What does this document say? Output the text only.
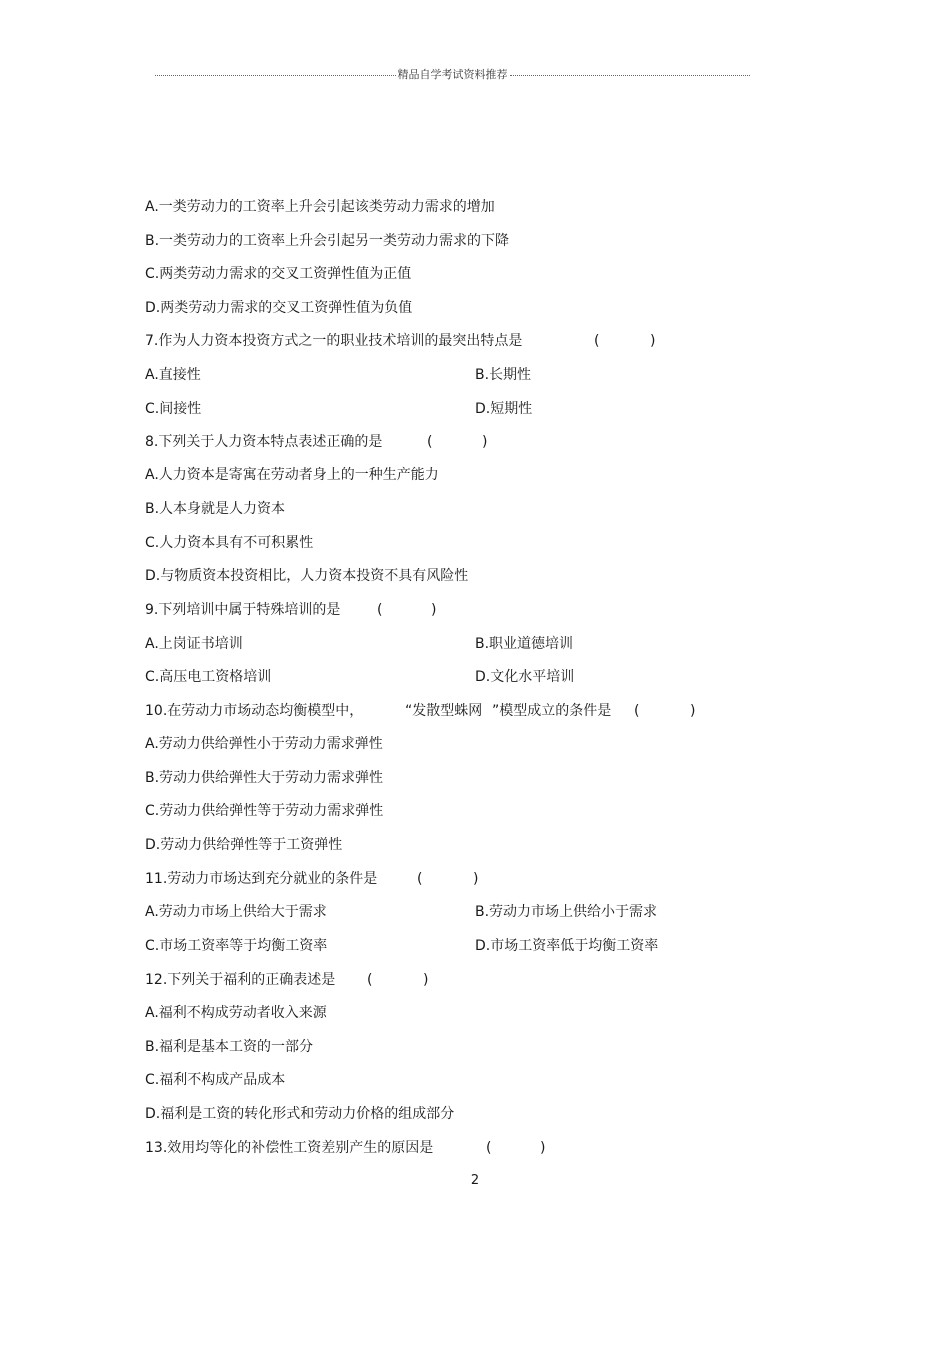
精品自学考试资料推荐
A.一类劳动力的工资率上升会引起该类劳动力需求的增加
B.一类劳动力的工资率上升会引起另一类劳动力需求的下降
C.两类劳动力需求的交叉工资弹性值为正值
D.两类劳动力需求的交叉工资弹性值为负值
7.作为人力资本投资方式之一的职业技术培训的最突出特点是	(	)
A.直接性	B.长期性
C.间接性	D.短期性
8.下列关于人力资本特点表述正确的是	(	)
A.人力资本是寄寓在劳动者身上的一种生产能力
B.人本身就是人力资本
C.人力资本具有不可积累性
D.与物质资本投资相比，人力资本投资不具有风险性
9.下列培训中属于特殊培训的是	(	)
A.上岗证书培训	B.职业道德培训
C.高压电工资格培训	D.文化水平培训
10.在劳动力市场动态均衡模型中，	“发散型蛛网 ”模型成立的条件是 (	)
A.劳动力供给弹性小于劳动力需求弹性
B.劳动力供给弹性大于劳动力需求弹性
C.劳动力供给弹性等于劳动力需求弹性
D.劳动力供给弹性等于工资弹性
11.劳动力市场达到充分就业的条件是	(	)
A.劳动力市场上供给大于需求	B.劳动力市场上供给小于需求
C.市场工资率等于均衡工资率	D.市场工资率低于均衡工资率
12.下列关于福利的正确表述是 (	)
A.福利不构成劳动者收入来源
B.福利是基本工资的一部分
C.福利不构成产品成本
D.福利是工资的转化形式和劳动力价格的组成部分
13.效用均等化的补偿性工资差别产生的原因是	(	)
2
